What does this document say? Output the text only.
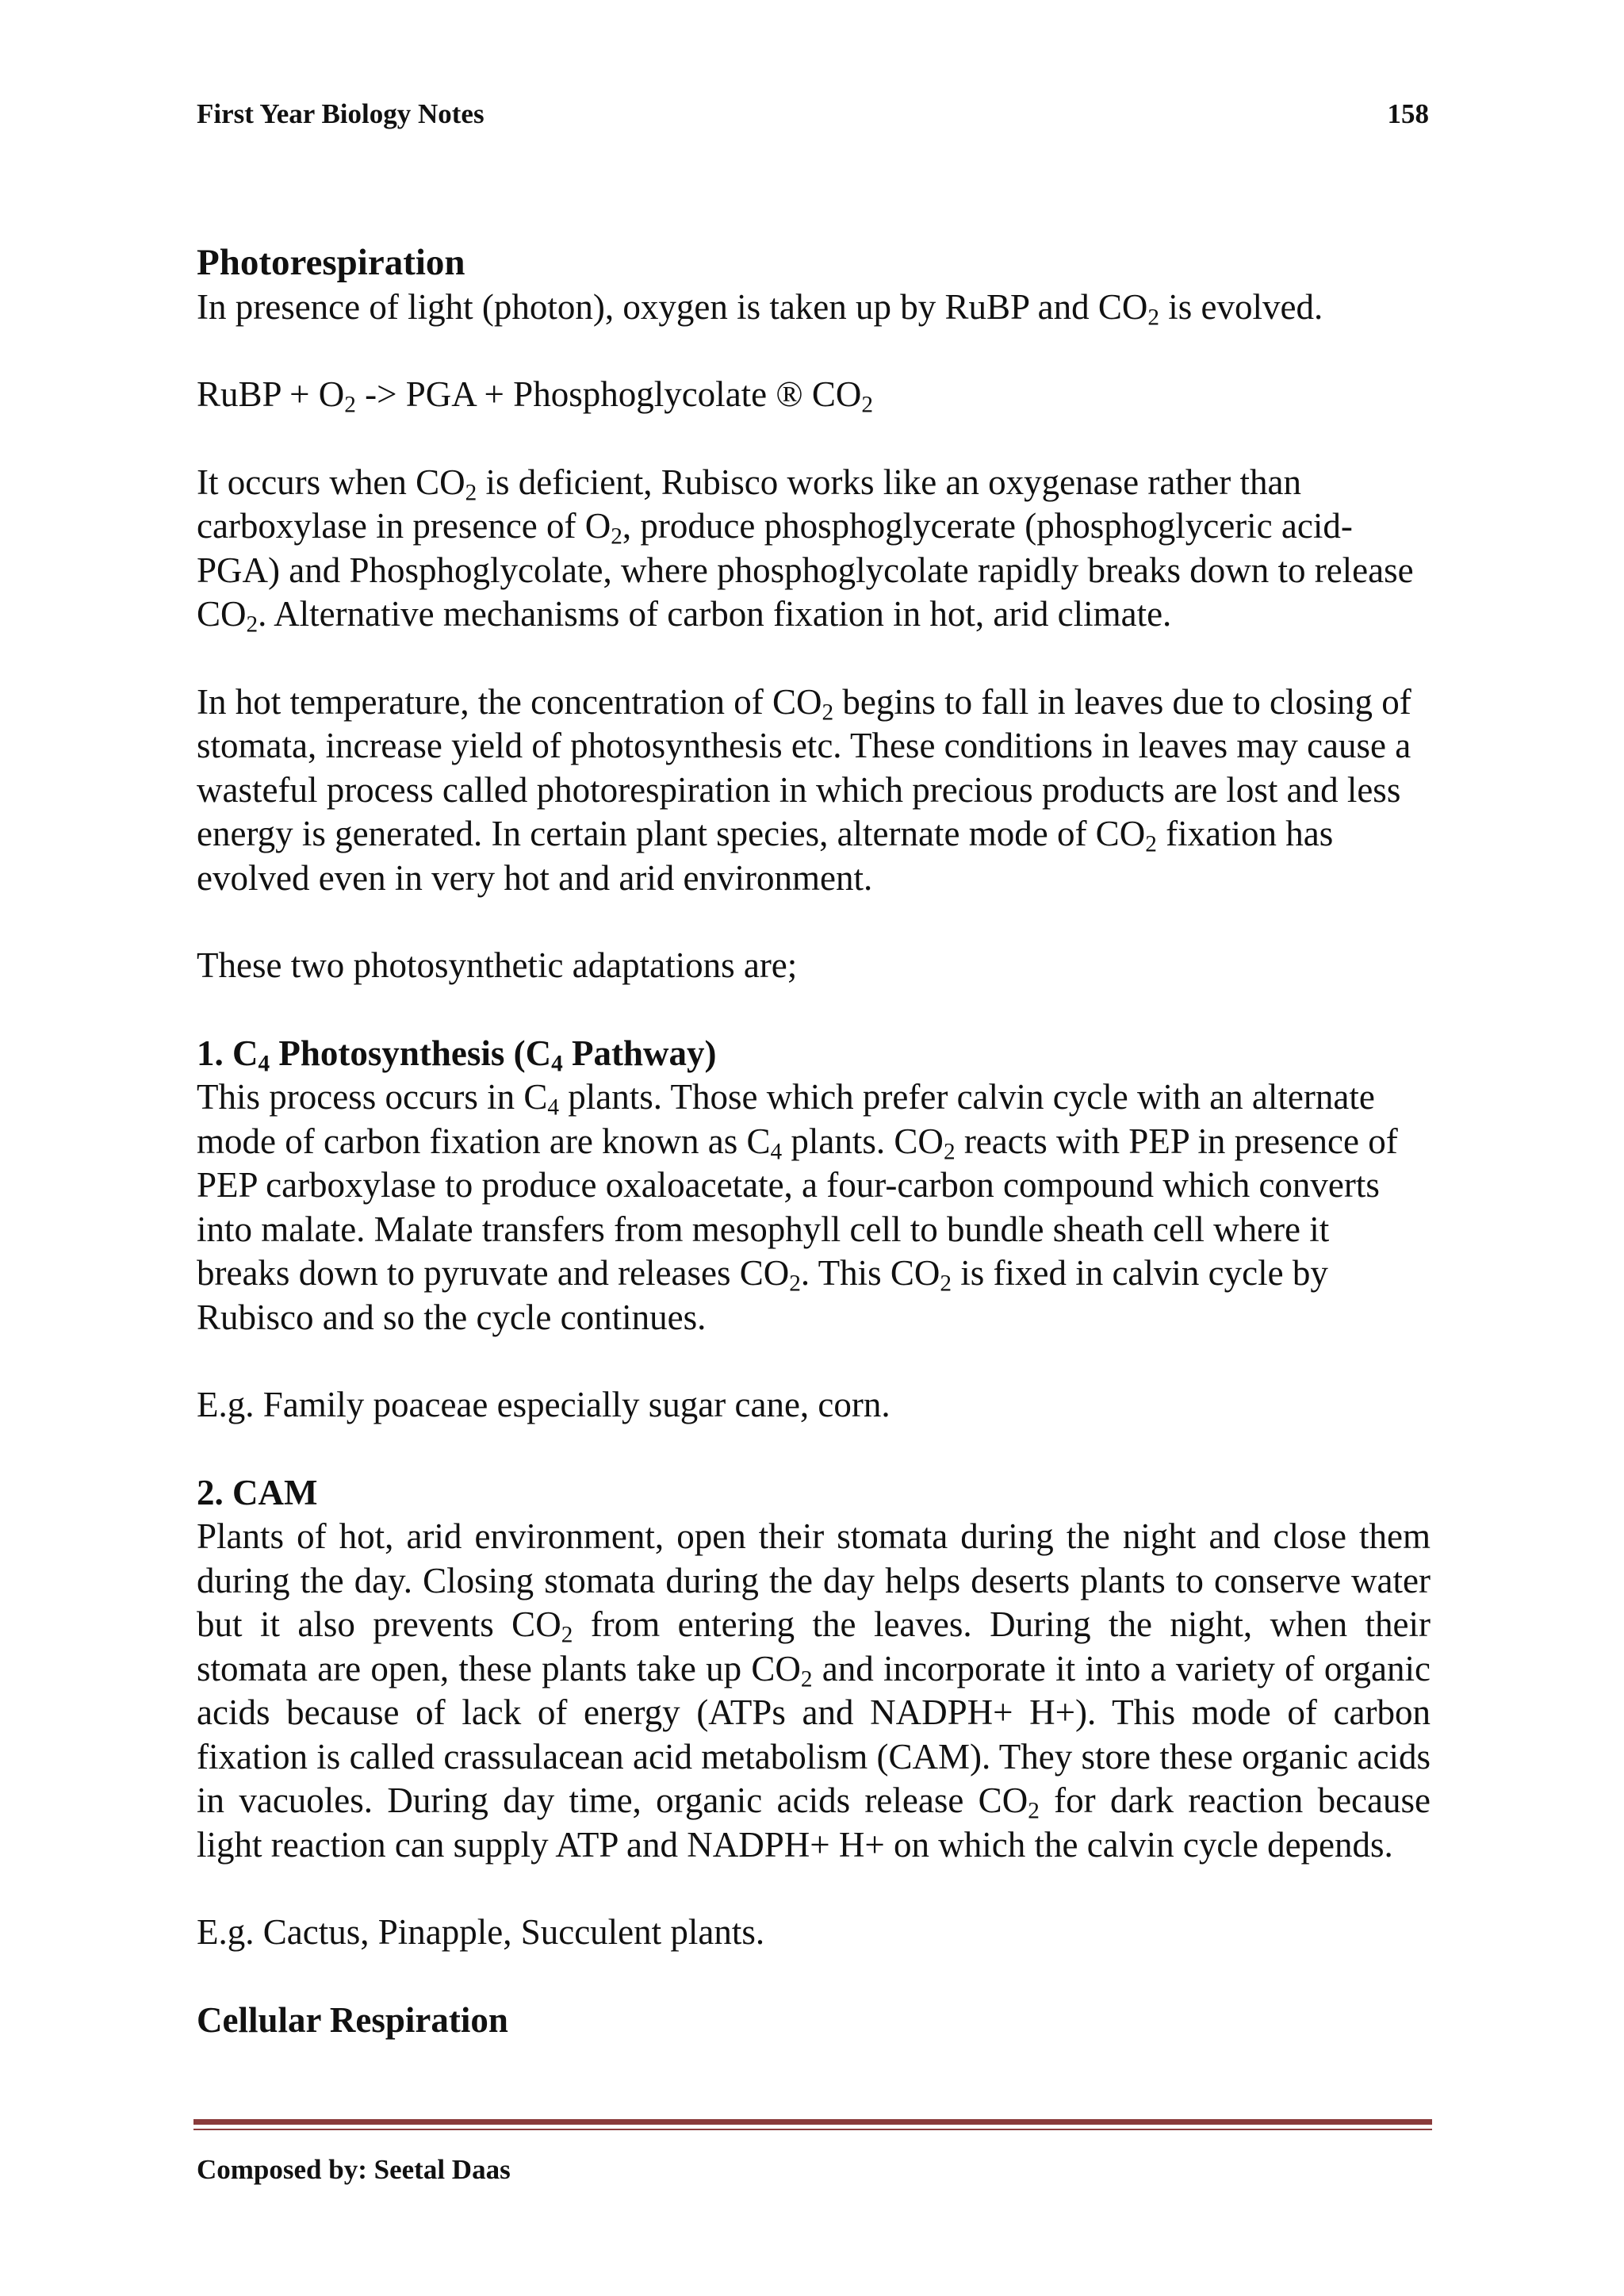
First Year Biology Notes	158
Photorespiration

In presence of light (photon), oxygen is taken up by RuBP and $CO_2$ is evolved.

RuBP + $O_2$ -> PGA + Phosphoglycolate ® $CO_2$

It occurs when $CO_2$ is deficient, Rubisco works like an oxygenase rather than carboxylase in presence of $O_2$, produce phosphoglycerate (phosphoglyceric acid-PGA) and Phosphoglycolate, where phosphoglycolate rapidly breaks down to release $CO_2$. Alternative mechanisms of carbon fixation in hot, arid climate.

In hot temperature, the concentration of $CO_2$ begins to fall in leaves due to closing of stomata, increase yield of photosynthesis etc. These conditions in leaves may cause a wasteful process called photorespiration in which precious products are lost and less energy is generated. In certain plant species, alternate mode of $CO_2$ fixation has evolved even in very hot and arid environment.

These two photosynthetic adaptations are;

1. $C_4$ Photosynthesis ($C_4$ Pathway)

This process occurs in $C_4$ plants. Those which prefer calvin cycle with an alternate mode of carbon fixation are known as $C_4$ plants. $CO_2$ reacts with PEP in presence of PEP carboxylase to produce oxaloacetate, a four-carbon compound which converts into malate. Malate transfers from mesophyll cell to bundle sheath cell where it breaks down to pyruvate and releases $CO_2$. This $CO_2$ is fixed in calvin cycle by Rubisco and so the cycle continues.

E.g. Family poaceae especially sugar cane, corn.

2. CAM

Plants of hot, arid environment, open their stomata during the night and close them during the day. Closing stomata during the day helps deserts plants to conserve water but it also prevents $CO_2$ from entering the leaves. During the night, when their stomata are open, these plants take up $CO_2$ and incorporate it into a variety of organic acids because of lack of energy (ATPs and NADPH+ H+). This mode of carbon fixation is called crassulacean acid metabolism (CAM). They store these organic acids in vacuoles. During day time, organic acids release $CO_2$ for dark reaction because light reaction can supply ATP and NADPH+ H+ on which the calvin cycle depends.

E.g. Cactus, Pinapple, Succulent plants.

Cellular Respiration
Composed by: Seetal Daas
